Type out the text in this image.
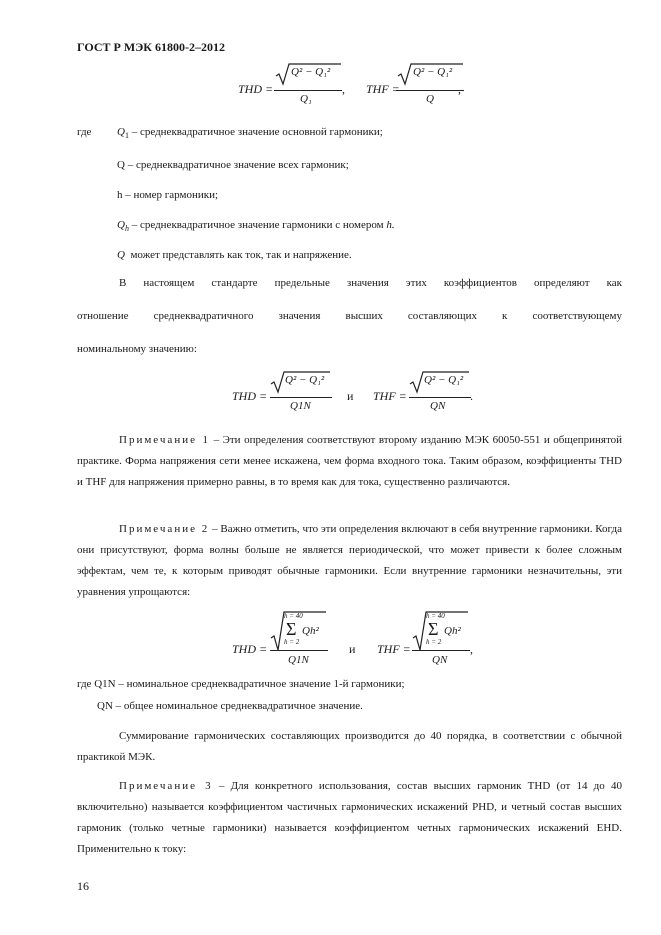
ГОСТ Р МЭК 61800-2–2012
THD =
Q² − Q₁²
Q₁
, THF =
Q² − Q₁²
Q
,
где $Q_1$ – среднеквадратичное значение основной гармоники;
Q – среднеквадратичное значение всех гармоник;
h – номер гармоники;
$Q_h$ – среднеквадратичное значение гармоники с номером h.
Q может представлять как ток, так и напряжение.
В настоящем стандарте предельные значения этих коэффициентов определяют как
отношение среднеквадратичного значения высших составляющих к соответствующему
номинальному значению:
THD =
Q² − Q₁²
Q1N
и THF =
Q² − Q₁²
QN
.
Примечание 1 – Эти определения соответствуют второму изданию МЭК 60050-551 и общепринятой практике. Форма напряжения сети менее искажена, чем форма входного тока. Таким образом, коэффициенты THD и THF для напряжения примерно равны, в то время как для тока, существенно различаются.
Примечание 2 – Важно отметить, что эти определения включают в себя внутренние гармоники. Когда они присутствуют, форма волны больше не является периодической, что может привести к более сложным эффектам, чем те, к которым приводят обычные гармоники. Если внутренние гармоники незначительны, эти уравнения упрощаются:
THD =
h = 40
Σ Qh²
h = 2
Q1N
и THF =
h = 40
Σ Qh²
h = 2
QN
,
где Q1N – номинальное среднеквадратичное значение 1-й гармоники;
QN – общее номинальное среднеквадратичное значение.
Суммирование гармонических составляющих производится до 40 порядка, в соответствии с обычной практикой МЭК.
Примечание 3 – Для конкретного использования, состав высших гармоник THD (от 14 до 40 включительно) называется коэффициентом частичных гармонических искажений PHD, и четный состав высших гармоник (только четные гармоники) называется коэффициентом четных гармонических искажений EHD. Применительно к току:
16
